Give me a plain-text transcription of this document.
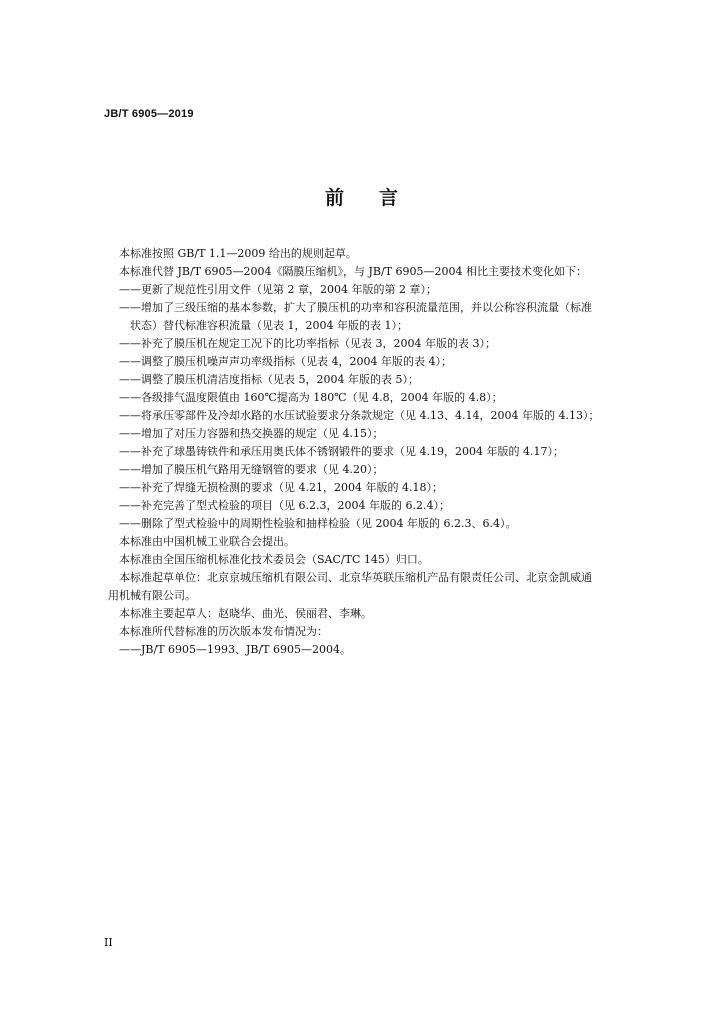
JB/T 6905—2019
前 言

本标准按照 GB/T 1.1—2009 给出的规则起草。

本标准代替 JB/T 6905—2004《隔膜压缩机》，与 JB/T 6905—2004 相比主要技术变化如下：

——更新了规范性引用文件（见第 2 章，2004 年版的第 2 章）；

——增加了三级压缩的基本参数，扩大了膜压机的功率和容积流量范围，并以公称容积流量（标准
状态）替代标准容积流量（见表 1，2004 年版的表 1）；

——补充了膜压机在规定工况下的比功率指标（见表 3，2004 年版的表 3）；

——调整了膜压机噪声声功率级指标（见表 4，2004 年版的表 4）；

——调整了膜压机清洁度指标（见表 5，2004 年版的表 5）；

——各级排气温度限值由 160℃提高为 180℃（见 4.8，2004 年版的 4.8）；

——将承压零部件及冷却水路的水压试验要求分条款规定（见 4.13、4.14，2004 年版的 4.13）；

——增加了对压力容器和热交换器的规定（见 4.15）；

——补充了球墨铸铁件和承压用奥氏体不锈钢锻件的要求（见 4.19，2004 年版的 4.17）；

——增加了膜压机气路用无缝钢管的要求（见 4.20）；

——补充了焊缝无损检测的要求（见 4.21，2004 年版的 4.18）；

——补充完善了型式检验的项目（见 6.2.3，2004 年版的 6.2.4）；

——删除了型式检验中的周期性检验和抽样检验（见 2004 年版的 6.2.3、6.4）。

本标准由中国机械工业联合会提出。

本标准由全国压缩机标准化技术委员会（SAC/TC 145）归口。

本标准起草单位：北京京城压缩机有限公司、北京华英联压缩机产品有限责任公司、北京金凯威通

用机械有限公司。

本标准主要起草人：赵晓华、曲光、侯丽君、李琳。

本标准所代替标准的历次版本发布情况为：

——JB/T 6905—1993、JB/T 6905—2004。

II
